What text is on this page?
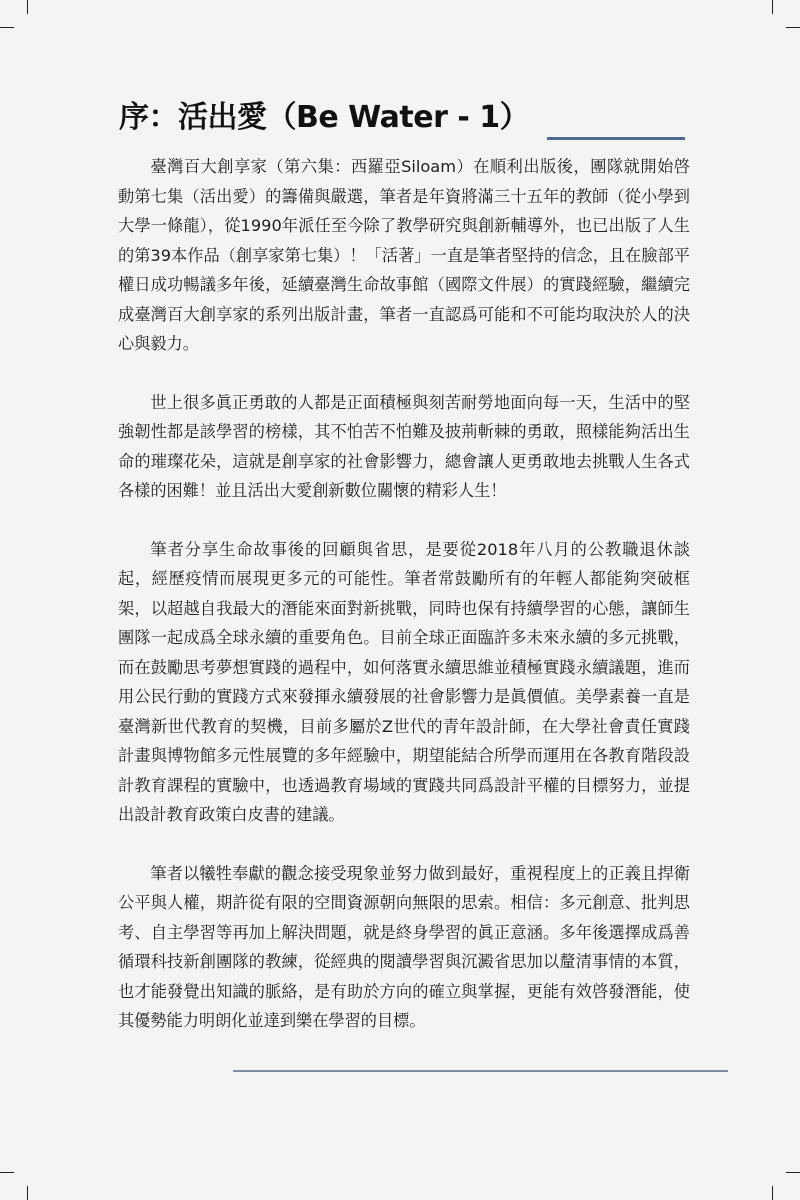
序：活出愛（Be Water - 1）

臺灣百大創享家（第六集：西羅亞Siloam）在順利出版後，團隊就開始啓動第七集（活出愛）的籌備與嚴選，筆者是年資將滿三十五年的教師（從小學到大學一條龍），從1990年派任至今除了教學研究與創新輔導外，也已出版了人生的第39本作品（創享家第七集）！「活著」一直是筆者堅持的信念，且在臉部平權日成功暢議多年後，延續臺灣生命故事館（國際文件展）的實踐經驗，繼續完成臺灣百大創享家的系列出版計畫，筆者一直認爲可能和不可能均取決於人的決心與毅力。

世上很多眞正勇敢的人都是正面積極與刻苦耐勞地面向每一天，生活中的堅強韌性都是該學習的榜樣，其不怕苦不怕難及披荊斬棘的勇敢，照樣能夠活出生命的璀璨花朵，這就是創享家的社會影響力，總會讓人更勇敢地去挑戰人生各式各樣的困難！並且活出大愛創新數位關懷的精彩人生！

筆者分享生命故事後的回顧與省思，是要從2018年八月的公教職退休談起，經歷疫情而展現更多元的可能性。筆者常鼓勵所有的年輕人都能夠突破框架，以超越自我最大的潛能來面對新挑戰，同時也保有持續學習的心態，讓師生團隊一起成爲全球永續的重要角色。目前全球正面臨許多未來永續的多元挑戰，而在鼓勵思考夢想實踐的過程中，如何落實永續思維並積極實踐永續議題，進而用公民行動的實踐方式來發揮永續發展的社會影響力是眞價値。美學素養一直是臺灣新世代教育的契機，目前多屬於Z世代的青年設計師，在大學社會責任實踐計畫與博物館多元性展覽的多年經驗中，期望能結合所學而運用在各教育階段設計教育課程的實驗中，也透過教育場域的實踐共同爲設計平權的目標努力，並提出設計教育政策白皮書的建議。

筆者以犧牲奉獻的觀念接受現象並努力做到最好，重視程度上的正義且捍衛公平與人權，期許從有限的空間資源朝向無限的思索。相信：多元創意、批判思考、自主學習等再加上解決問題，就是終身學習的眞正意涵。多年後選擇成爲善循環科技新創團隊的教練，從經典的閱讀學習與沉澱省思加以釐清事情的本質，也才能發覺出知識的脈絡，是有助於方向的確立與掌握，更能有效啓發潛能，使其優勢能力明朗化並達到樂在學習的目標。
